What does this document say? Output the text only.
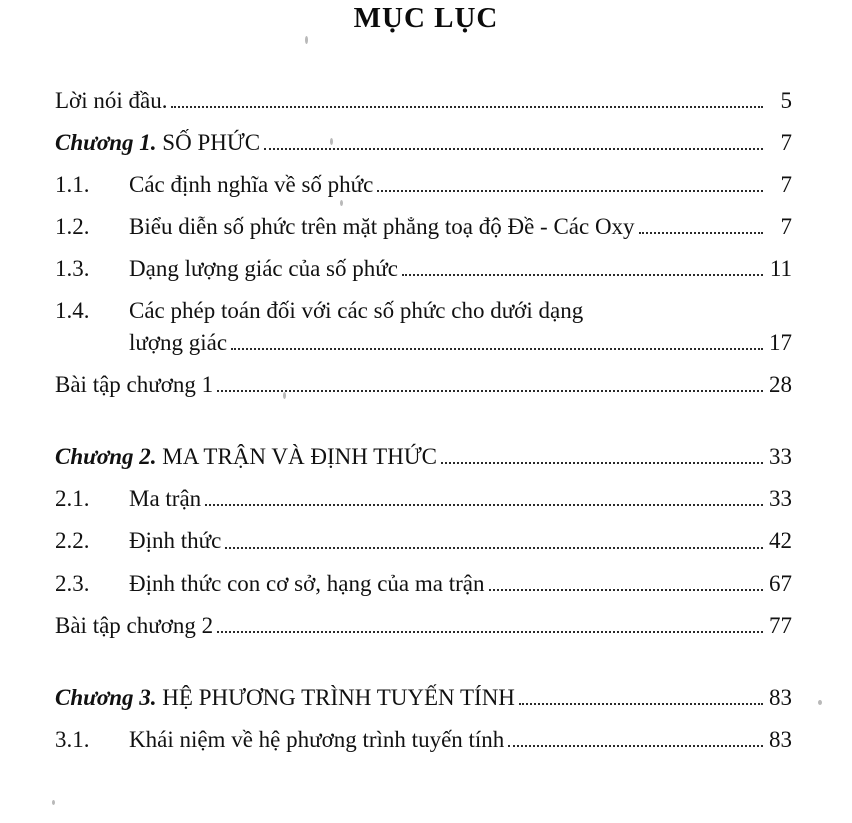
MỤC LỤC
Lời nói đầu.	5
Chương 1. SỐ PHỨC	7
1.1.	Các định nghĩa về số phức	7
1.2.	Biểu diễn số phức trên mặt phẳng toạ độ Đề - Các Oxy	7
1.3.	Dạng lượng giác của số phức	11
1.4.	Các phép toán đối với các số phức cho dưới dạng
lượng giác	17
Bài tập chương 1	28
Chương 2. MA TRẬN VÀ ĐỊNH THỨC	33
2.1.	Ma trận	33
2.2.	Định thức	42
2.3.	Định thức con cơ sở, hạng của ma trận	67
Bài tập chương 2	77
Chương 3. HỆ PHƯƠNG TRÌNH TUYẾN TÍNH	83
3.1.	Khái niệm về hệ phương trình tuyến tính	83
